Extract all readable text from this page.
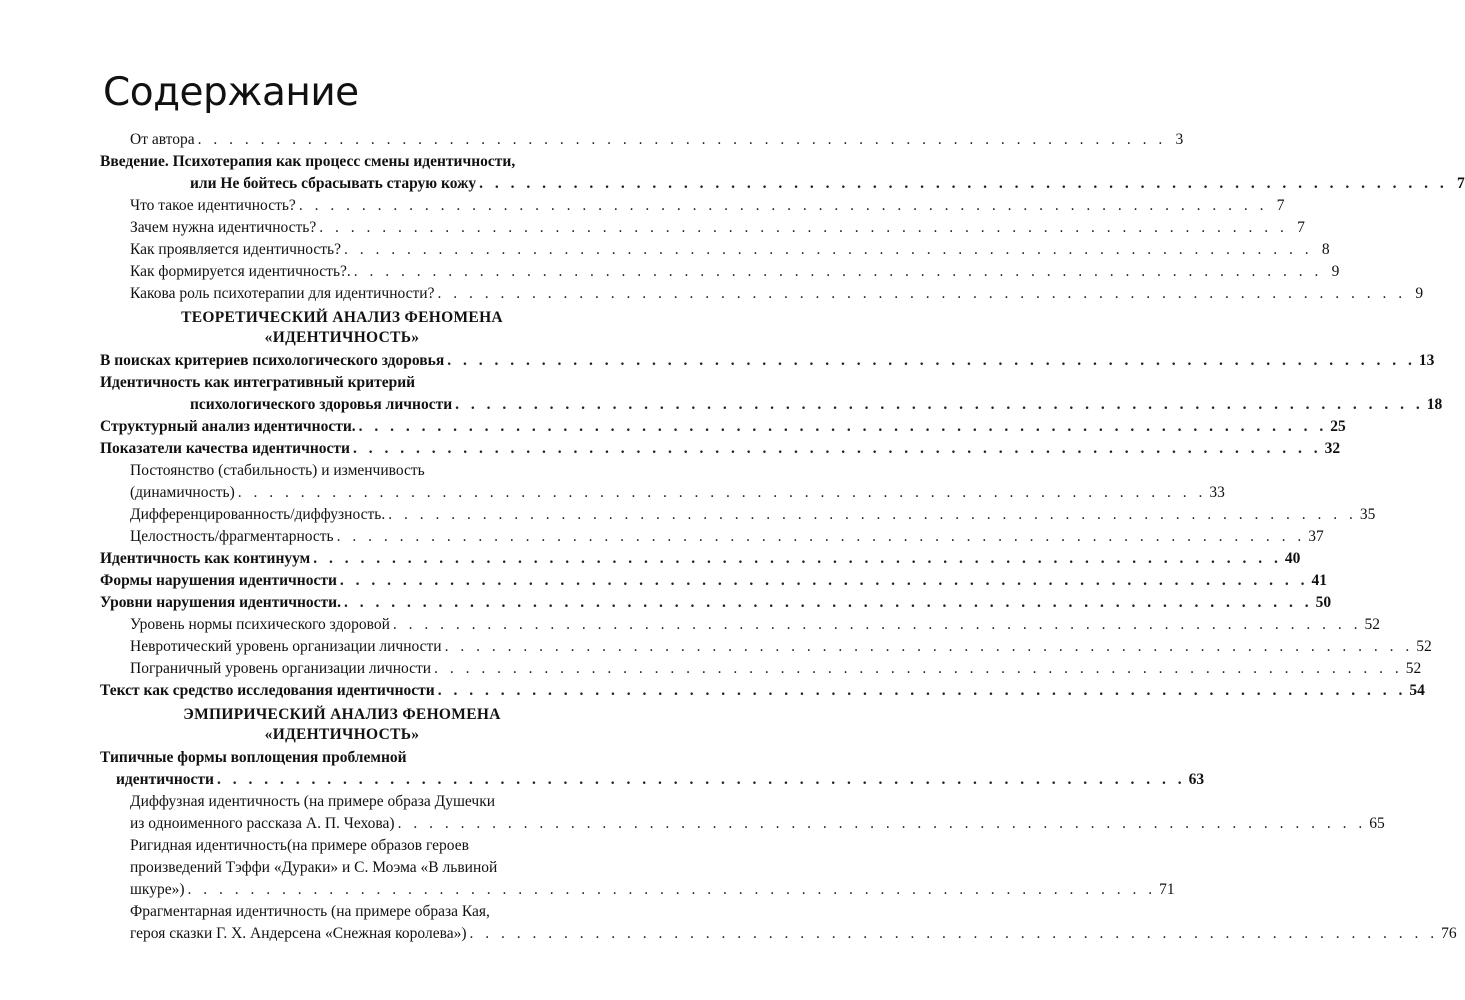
Содержание
От автора . . . . . . . . . . . . . . . . . . . . . . . . . . . . . . . . . . . . . . . . . . . . . . . . . . . . . . . . . . . . . . 3
Введение. Психотерапия как процесс смены идентичности,
или Не бойтесь сбрасывать старую кожу . . . . . . . . . . . . . . . . . . . . . . . . . . . . . . . . . . . . . . . . . . . . . . . . . . . . . . . . . . . . . . 7
Что такое идентичность? . . . . . . . . . . . . . . . . . . . . . . . . . . . . . . . . . . . . . . . . . . . . . . . . . . . . . . . . . . . . . . 7
Зачем нужна идентичность? . . . . . . . . . . . . . . . . . . . . . . . . . . . . . . . . . . . . . . . . . . . . . . . . . . . . . . . . . . . . . . 7
Как проявляется идентичность? . . . . . . . . . . . . . . . . . . . . . . . . . . . . . . . . . . . . . . . . . . . . . . . . . . . . . . . . . . . . . . 8
Как формируется идентичность?. . . . . . . . . . . . . . . . . . . . . . . . . . . . . . . . . . . . . . . . . . . . . . . . . . . . . . . . . . . . . . . 9
Какова роль психотерапии для идентичности? . . . . . . . . . . . . . . . . . . . . . . . . . . . . . . . . . . . . . . . . . . . . . . . . . . . . . . . . . . . . . . 9
ТЕОРЕТИЧЕСКИЙ АНАЛИЗ ФЕНОМЕНА
«ИДЕНТИЧНОСТЬ»
В поисках критериев психологического здоровья . . . . . . . . . . . . . . . . . . . . . . . . . . . . . . . . . . . . . . . . . . . . . . . . . . . . . . . . . . . . . . 13
Идентичность как интегративный критерий
психологического здоровья личности . . . . . . . . . . . . . . . . . . . . . . . . . . . . . . . . . . . . . . . . . . . . . . . . . . . . . . . . . . . . . . 18
Структурный анализ идентичности. . . . . . . . . . . . . . . . . . . . . . . . . . . . . . . . . . . . . . . . . . . . . . . . . . . . . . . . . . . . . . . 25
Показатели качества идентичности . . . . . . . . . . . . . . . . . . . . . . . . . . . . . . . . . . . . . . . . . . . . . . . . . . . . . . . . . . . . . . 32
Постоянство (стабильность) и изменчивость
(динамичность) . . . . . . . . . . . . . . . . . . . . . . . . . . . . . . . . . . . . . . . . . . . . . . . . . . . . . . . . . . . . . . 33
Дифференцированность/диффузность. . . . . . . . . . . . . . . . . . . . . . . . . . . . . . . . . . . . . . . . . . . . . . . . . . . . . . . . . . . . . . . 35
Целостность/фрагментарность . . . . . . . . . . . . . . . . . . . . . . . . . . . . . . . . . . . . . . . . . . . . . . . . . . . . . . . . . . . . . . 37
Идентичность как континуум . . . . . . . . . . . . . . . . . . . . . . . . . . . . . . . . . . . . . . . . . . . . . . . . . . . . . . . . . . . . . . 40
Формы нарушения идентичности . . . . . . . . . . . . . . . . . . . . . . . . . . . . . . . . . . . . . . . . . . . . . . . . . . . . . . . . . . . . . . 41
Уровни нарушения идентичности. . . . . . . . . . . . . . . . . . . . . . . . . . . . . . . . . . . . . . . . . . . . . . . . . . . . . . . . . . . . . . . 50
Уровень нормы психического здоровой . . . . . . . . . . . . . . . . . . . . . . . . . . . . . . . . . . . . . . . . . . . . . . . . . . . . . . . . . . . . . . 52
Невротический уровень организации личности . . . . . . . . . . . . . . . . . . . . . . . . . . . . . . . . . . . . . . . . . . . . . . . . . . . . . . . . . . . . . . 52
Пограничный уровень организации личности . . . . . . . . . . . . . . . . . . . . . . . . . . . . . . . . . . . . . . . . . . . . . . . . . . . . . . . . . . . . . . 52
Текст как средство исследования идентичности . . . . . . . . . . . . . . . . . . . . . . . . . . . . . . . . . . . . . . . . . . . . . . . . . . . . . . . . . . . . . . 54
ЭМПИРИЧЕСКИЙ АНАЛИЗ ФЕНОМЕНА
«ИДЕНТИЧНОСТЬ»
Типичные формы воплощения проблемной
идентичности . . . . . . . . . . . . . . . . . . . . . . . . . . . . . . . . . . . . . . . . . . . . . . . . . . . . . . . . . . . . . . 63
Диффузная идентичность (на примере образа Душечки
из одноименного рассказа А. П. Чехова) . . . . . . . . . . . . . . . . . . . . . . . . . . . . . . . . . . . . . . . . . . . . . . . . . . . . . . . . . . . . . . 65
Ригидная идентичность(на примере образов героев
произведений Тэффи «Дураки» и С. Моэма «В львиной
шкуре») . . . . . . . . . . . . . . . . . . . . . . . . . . . . . . . . . . . . . . . . . . . . . . . . . . . . . . . . . . . . . . 71
Фрагментарная идентичность (на примере образа Кая,
героя сказки Г. Х. Андерсена «Снежная королева») . . . . . . . . . . . . . . . . . . . . . . . . . . . . . . . . . . . . . . . . . . . . . . . . . . . . . . . . . . . . . . 76
